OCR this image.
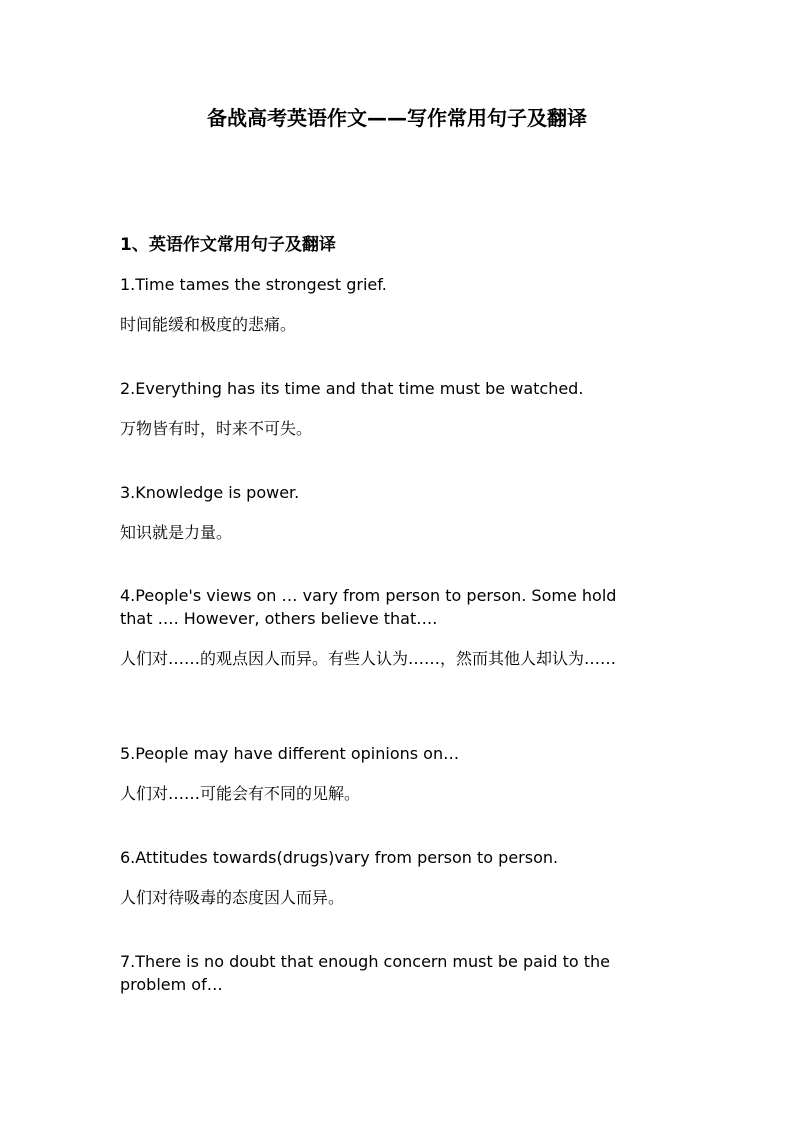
备战高考英语作文——写作常用句子及翻译
1、英语作文常用句子及翻译

1.Time tames the strongest grief.

时间能缓和极度的悲痛。

2.Everything has its time and that time must be watched.

万物皆有时，时来不可失。

3.Knowledge is power.

知识就是力量。

4.People's views on … vary from person to person. Some hold that …. However, others believe that….

人们对……的观点因人而异。有些人认为……，然而其他人却认为……

5.People may have different opinions on…

人们对……可能会有不同的见解。

6.Attitudes towards(drugs)vary from person to person.

人们对待吸毒的态度因人而异。

7.There is no doubt that enough concern must be paid to the problem of…
